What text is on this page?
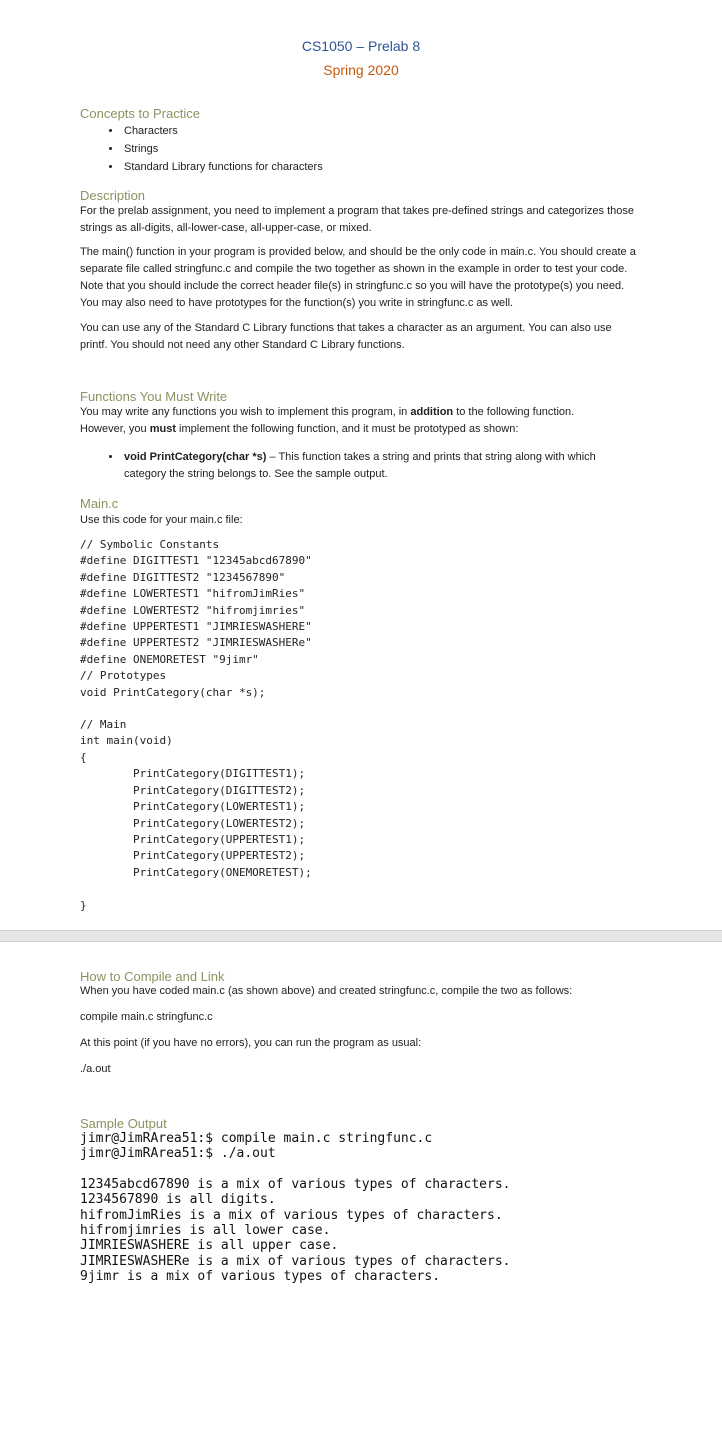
CS1050 – Prelab 8
Spring 2020
Concepts to Practice
• Characters
• Strings
• Standard Library functions for characters
Description

For the prelab assignment, you need to implement a program that takes pre-defined strings and categorizes those strings as all-digits, all-lower-case, all-upper-case, or mixed.

The main() function in your program is provided below, and should be the only code in main.c. You should create a separate file called stringfunc.c and compile the two together as shown in the example in order to test your code. Note that you should include the correct header file(s) in stringfunc.c so you will have the prototype(s) you need. You may also need to have prototypes for the function(s) you write in stringfunc.c as well.

You can use any of the Standard C Library functions that takes a character as an argument. You can also use printf. You should not need any other Standard C Library functions.

Functions You Must Write

You may write any functions you wish to implement this program, in addition to the following function.
However, you must implement the following function, and it must be prototyped as shown:

• void PrintCategory(char *s) – This function takes a string and prints that string along with which category the string belongs to. See the sample output.
Main.c

Use this code for your main.c file:

// Symbolic Constants
#define DIGITTEST1 "12345abcd67890"
#define DIGITTEST2 "1234567890"
#define LOWERTEST1 "hifromJimRies"
#define LOWERTEST2 "hifromjimries"
#define UPPERTEST1 "JIMRIESWASHERE"
#define UPPERTEST2 "JIMRIESWASHERe"
#define ONEMORETEST "9jimr"
// Prototypes
void PrintCategory(char *s);
// Main
int main(void)
{
PrintCategory(DIGITTEST1);
PrintCategory(DIGITTEST2);
PrintCategory(LOWERTEST1);
PrintCategory(LOWERTEST2);
PrintCategory(UPPERTEST1);
PrintCategory(UPPERTEST2);
PrintCategory(ONEMORETEST);

}
How to Compile and Link

When you have coded main.c (as shown above) and created stringfunc.c, compile the two as follows:

compile main.c stringfunc.c

At this point (if you have no errors), you can run the program as usual:

./a.out

Sample Output
jimr@JimRArea51:$ compile main.c stringfunc.c
jimr@JimRArea51:$ ./a.out
12345abcd67890 is a mix of various types of characters.
1234567890 is all digits.
hifromJimRies is a mix of various types of characters.
hifromjimries is all lower case.
JIMRIESWASHERE is all upper case.
JIMRIESWASHERe is a mix of various types of characters.
9jimr is a mix of various types of characters.
